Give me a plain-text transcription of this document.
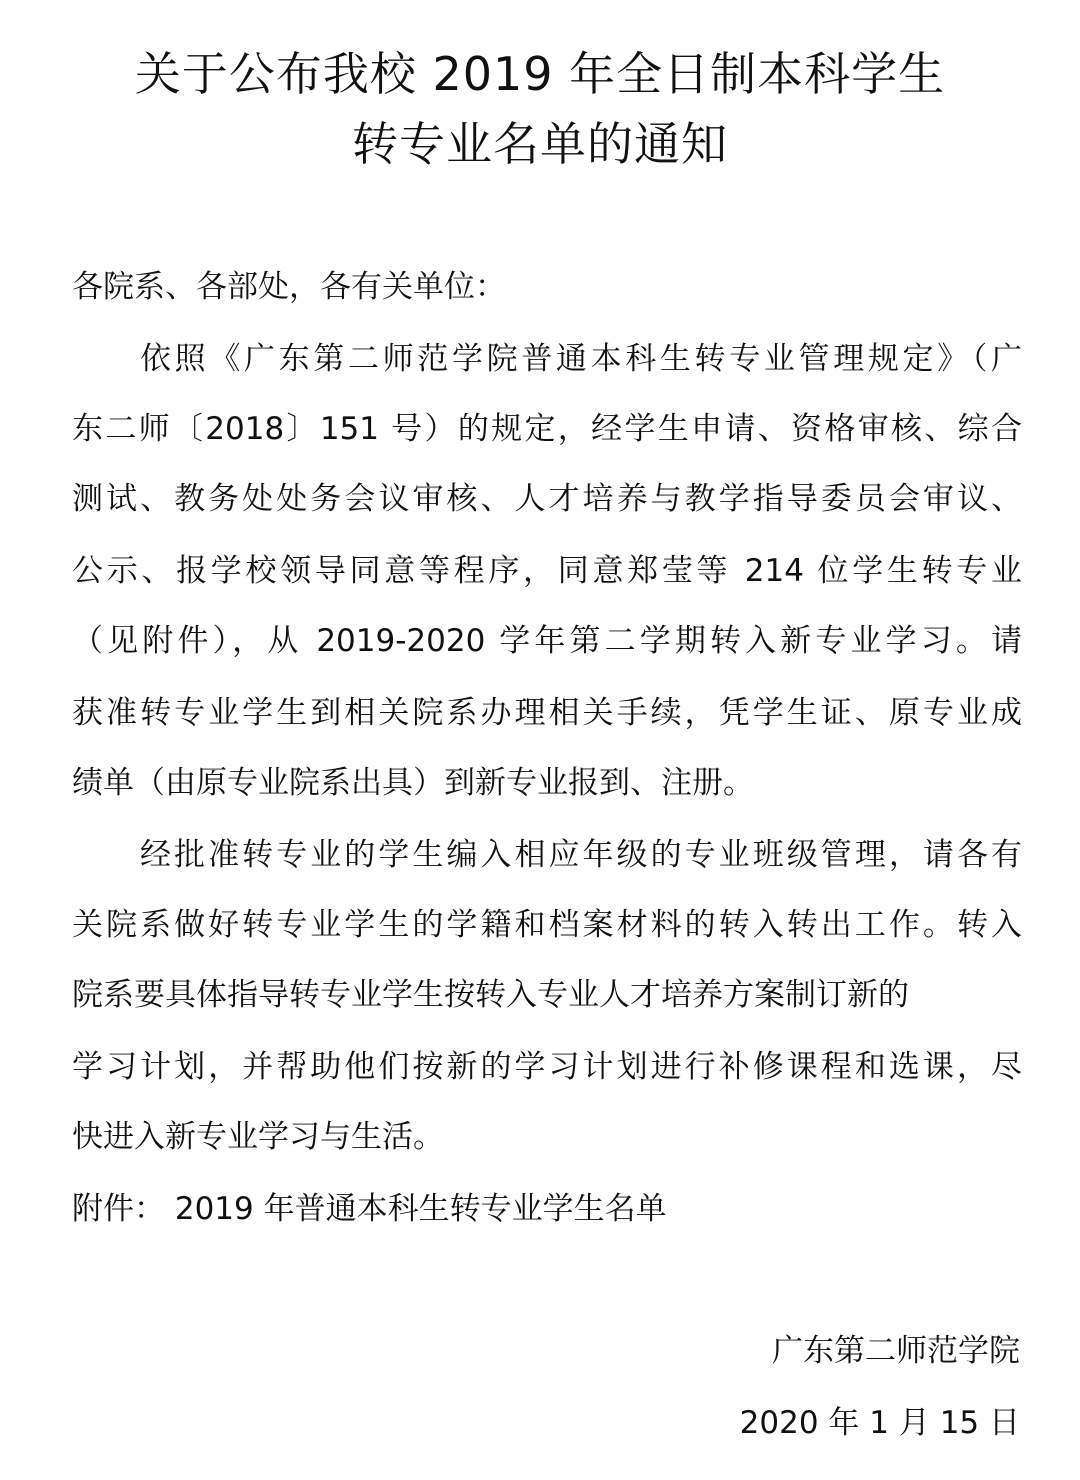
关于公布我校 2019 年全日制本科学生
转专业名单的通知
各院系、各部处，各有关单位：
依照《广东第二师范学院普通本科生转专业管理规定》（广
东二师〔2018〕151 号）的规定，经学生申请、资格审核、综合
测试、教务处处务会议审核、人才培养与教学指导委员会审议、
公示、报学校领导同意等程序，同意郑莹等 214 位学生转专业
（见附件），从 2019-2020 学年第二学期转入新专业学习。请
获准转专业学生到相关院系办理相关手续，凭学生证、原专业成
绩单（由原专业院系出具）到新专业报到、注册。
经批准转专业的学生编入相应年级的专业班级管理，请各有
关院系做好转专业学生的学籍和档案材料的转入转出工作。转入
院系要具体指导转专业学生按转入专业人才培养方案制订新的
学习计划，并帮助他们按新的学习计划进行补修课程和选课，尽
快进入新专业学习与生活。
附件： 2019 年普通本科生转专业学生名单
广东第二师范学院
2020 年 1 月 15 日
